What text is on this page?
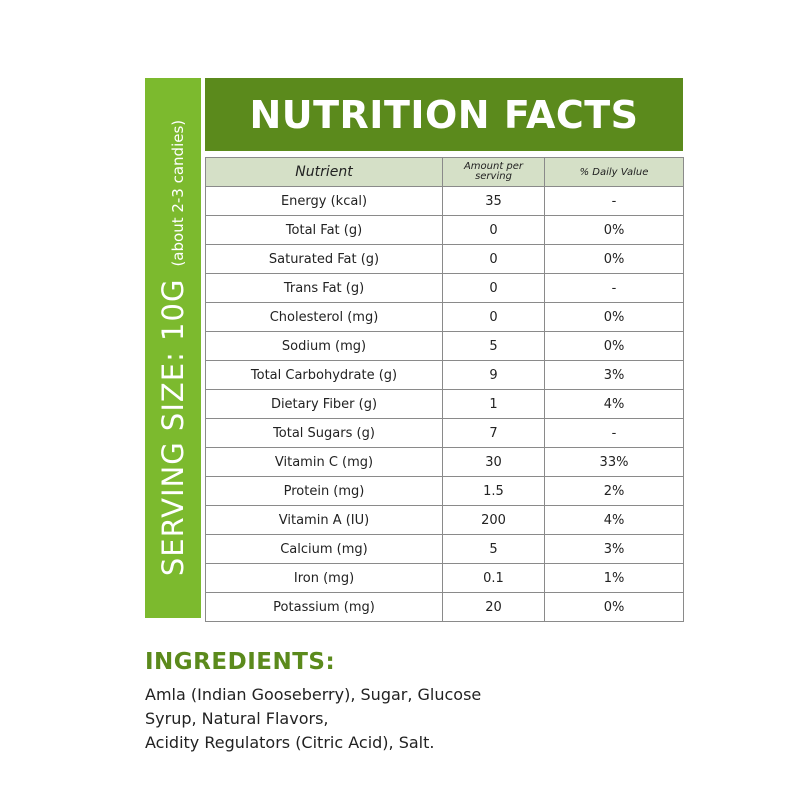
SERVING SIZE: 10G
(about 2-3 candies)
NUTRITION FACTS
Nutrient	Amount per serving	% Daily Value
Energy (kcal)	35	-
Total Fat (g)	0	0%
Saturated Fat (g)	0	0%
Trans Fat (g)	0	-
Cholesterol (mg)	0	0%
Sodium (mg)	5	0%
Total Carbohydrate (g)	9	3%
Dietary Fiber (g)	1	4%
Total Sugars (g)	7	-
Vitamin C (mg)	30	33%
Protein (mg)	1.5	2%
Vitamin A (IU)	200	4%
Calcium (mg)	5	3%
Iron (mg)	0.1	1%
Potassium (mg)	20	0%
INGREDIENTS:
Amla (Indian Gooseberry), Sugar, Glucose
Syrup, Natural Flavors,
Acidity Regulators (Citric Acid), Salt.
